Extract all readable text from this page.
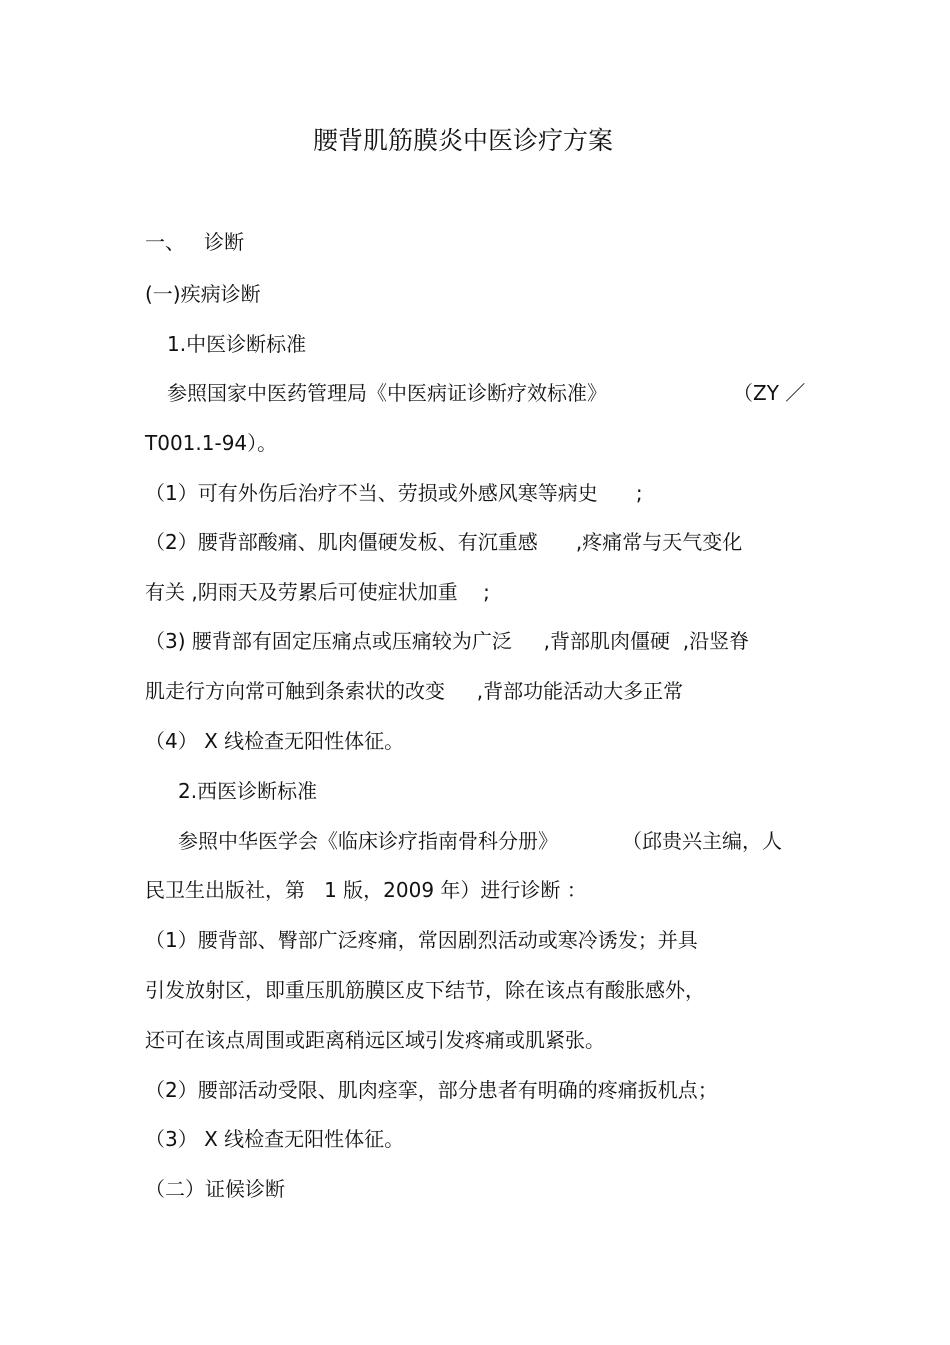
腰背肌筋膜炎中医诊疗方案
一、   诊断
(一)疾病诊断
1.中医诊断标准
参照国家中医药管理局《中医病证诊断疗效标准》	（ZY ／
T001.1-94）。
（1）可有外伤后治疗不当、劳损或外感风寒等病史      ;
（2）腰背部酸痛、肌肉僵硬发板、有沉重感      ,疼痛常与天气变化
有关 ,阴雨天及劳累后可使症状加重    ;
（3) 腰背部有固定压痛点或压痛较为广泛     ,背部肌肉僵硬  ,沿竖脊
肌走行方向常可触到条索状的改变     ,背部功能活动大多正常
（4） X 线检查无阳性体征。
2.西医诊断标准
参照中华医学会《临床诊疗指南骨科分册》	（邱贵兴主编，人
民卫生出版社，第   1 版，2009 年）进行诊断 ：
（1）腰背部、臀部广泛疼痛，常因剧烈活动或寒冷诱发；并具
引发放射区，即重压肌筋膜区皮下结节，除在该点有酸胀感外，
还可在该点周围或距离稍远区域引发疼痛或肌紧张。
（2）腰部活动受限、肌肉痉挛，部分患者有明确的疼痛扳机点；
（3） X 线检查无阳性体征。
（二）证候诊断
